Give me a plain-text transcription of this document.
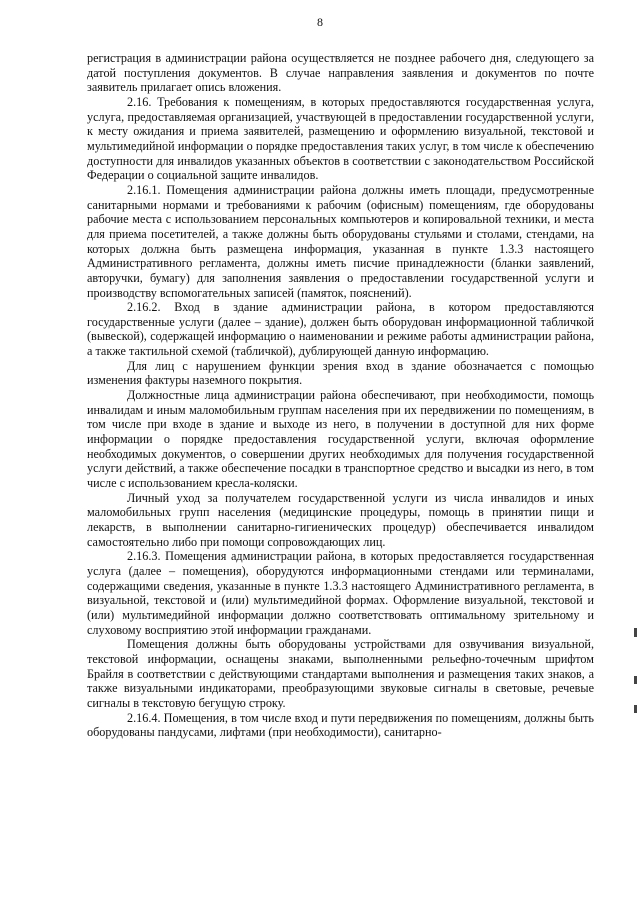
8

регистрация в администрации района осуществляется не позднее рабочего дня, следующего за датой поступления документов. В случае направления заявления и документов по почте заявитель прилагает опись вложения.

2.16. Требования к помещениям, в которых предоставляются государственная услуга, услуга, предоставляемая организацией, участвующей в предоставлении государственной услуги, к месту ожидания и приема заявителей, размещению и оформлению визуальной, текстовой и мультимедийной информации о порядке предоставления таких услуг, в том числе к обеспечению доступности для инвалидов указанных объектов в соответствии с законодательством Российской Федерации о социальной защите инвалидов.

2.16.1. Помещения администрации района должны иметь площади, предусмотренные санитарными нормами и требованиями к рабочим (офисным) помещениям, где оборудованы рабочие места с использованием персональных компьютеров и копировальной техники, и места для приема посетителей, а также должны быть оборудованы стульями и столами, стендами, на которых должна быть размещена информация, указанная в пункте 1.3.3 настоящего Административного регламента, должны иметь писчие принадлежности (бланки заявлений, авторучки, бумагу) для заполнения заявления о предоставлении государственной услуги и производству вспомогательных записей (памяток, пояснений).

2.16.2. Вход в здание администрации района, в котором предоставляются государственные услуги (далее – здание), должен быть оборудован информационной табличкой (вывеской), содержащей информацию о наименовании и режиме работы администрации района, а также тактильной схемой (табличкой), дублирующей данную информацию.

Для лиц с нарушением функции зрения вход в здание обозначается с помощью изменения фактуры наземного покрытия.

Должностные лица администрации района обеспечивают, при необходимости, помощь инвалидам и иным маломобильным группам населения при их передвижении по помещениям, в том числе при входе в здание и выходе из него, в получении в доступной для них форме информации о порядке предоставления государственной услуги, включая оформление необходимых документов, о совершении других необходимых для получения государственной услуги действий, а также обеспечение посадки в транспортное средство и высадки из него, в том числе с использованием кресла-коляски.

Личный уход за получателем государственной услуги из числа инвалидов и иных маломобильных групп населения (медицинские процедуры, помощь в принятии пищи и лекарств, в выполнении санитарно-гигиенических процедур) обеспечивается инвалидом самостоятельно либо при помощи сопровождающих лиц.

2.16.3. Помещения администрации района, в которых предоставляется государственная услуга (далее – помещения), оборудуются информационными стендами или терминалами, содержащими сведения, указанные в пункте 1.3.3 настоящего Административного регламента, в визуальной, текстовой и (или) мультимедийной формах. Оформление визуальной, текстовой и (или) мультимедийной информации должно соответствовать оптимальному зрительному и слуховому восприятию этой информации гражданами.

Помещения должны быть оборудованы устройствами для озвучивания визуальной, текстовой информации, оснащены знаками, выполненными рельефно-точечным шрифтом Брайля в соответствии с действующими стандартами выполнения и размещения таких знаков, а также визуальными индикаторами, преобразующими звуковые сигналы в световые, речевые сигналы в текстовую бегущую строку.

2.16.4. Помещения, в том числе вход и пути передвижения по помещениям, должны быть оборудованы пандусами, лифтами (при необходимости), санитарно-
